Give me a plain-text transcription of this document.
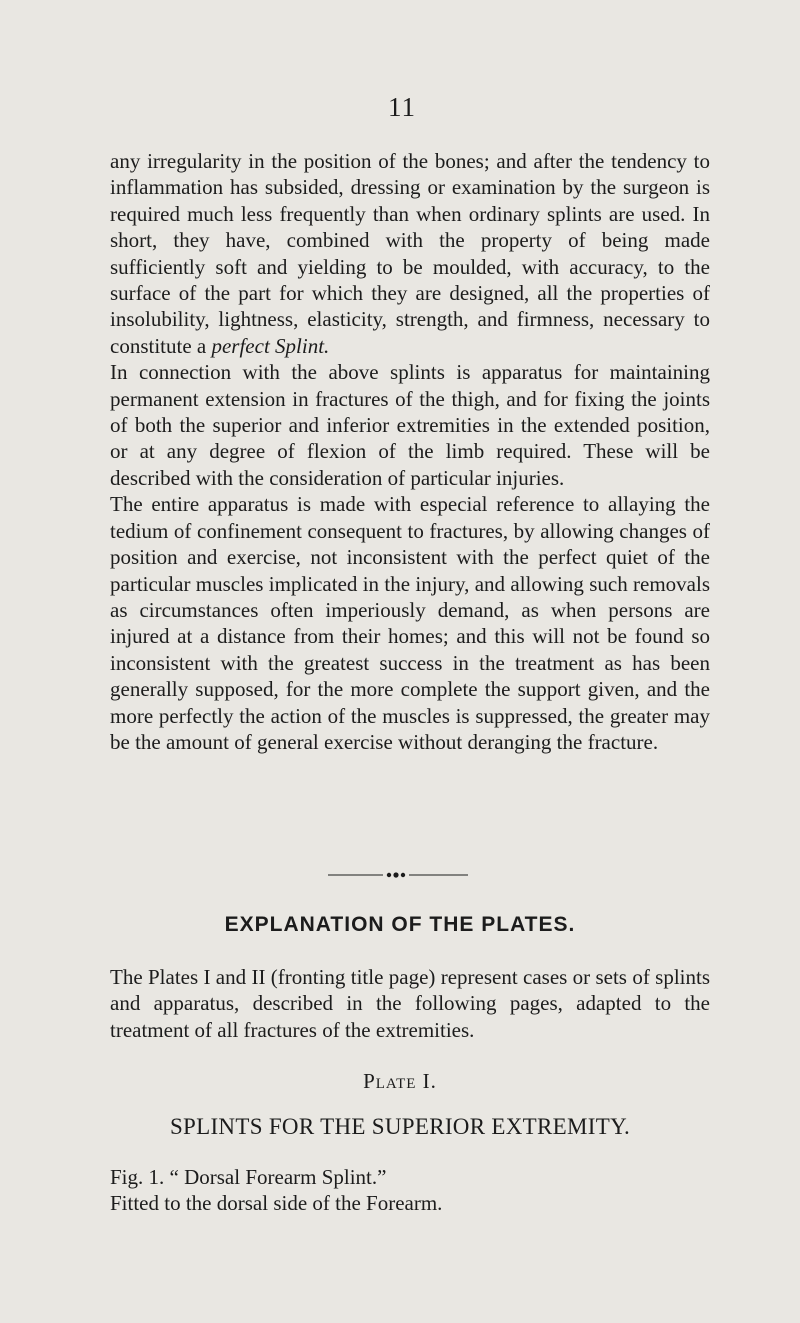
11

any irregularity in the position of the bones; and after the tendency to inflammation has subsided, dressing or examination by the surgeon is required much less frequently than when ordinary splints are used. In short, they have, combined with the property of being made sufficiently soft and yielding to be moulded, with accuracy, to the surface of the part for which they are designed, all the properties of insolubility, lightness, elasticity, strength, and firmness, necessary to constitute a perfect Splint.

In connection with the above splints is apparatus for maintaining permanent extension in fractures of the thigh, and for fixing the joints of both the superior and inferior extremities in the extended position, or at any degree of flexion of the limb required. These will be described with the consideration of particular injuries.

The entire apparatus is made with especial reference to allaying the tedium of confinement consequent to fractures, by allowing changes of position and exercise, not inconsistent with the perfect quiet of the particular muscles implicated in the injury, and allowing such removals as circumstances often imperiously demand, as when persons are injured at a distance from their homes; and this will not be found so inconsistent with the greatest success in the treatment as has been generally supposed, for the more complete the support given, and the more perfectly the action of the muscles is suppressed, the greater may be the amount of general exercise without deranging the fracture.

EXPLANATION OF THE PLATES.
The Plates I and II (fronting title page) represent cases or sets of splints and apparatus, described in the following pages, adapted to the treatment of all fractures of the extremities.
Plate I.
SPLINTS FOR THE SUPERIOR EXTREMITY.
Fig. 1. “ Dorsal Forearm Splint.”
Fitted to the dorsal side of the Forearm.
